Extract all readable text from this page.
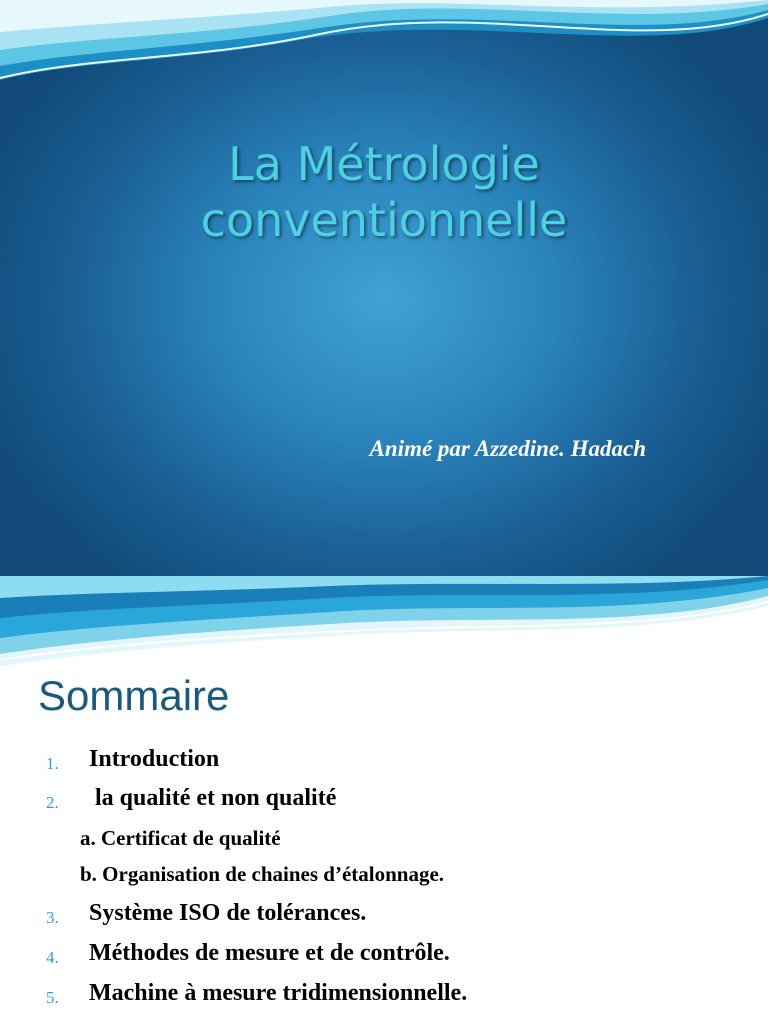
La Métrologie
conventionnelle

Animé par Azzedine. Hadach

Sommaire
1.	Introduction
2.	la qualité et non qualité
a. Certificat de qualité
b. Organisation de chaines d’étalonnage.
3.	Système ISO de tolérances.
4.	Méthodes de mesure et de contrôle.
5.	Machine à mesure tridimensionnelle.
